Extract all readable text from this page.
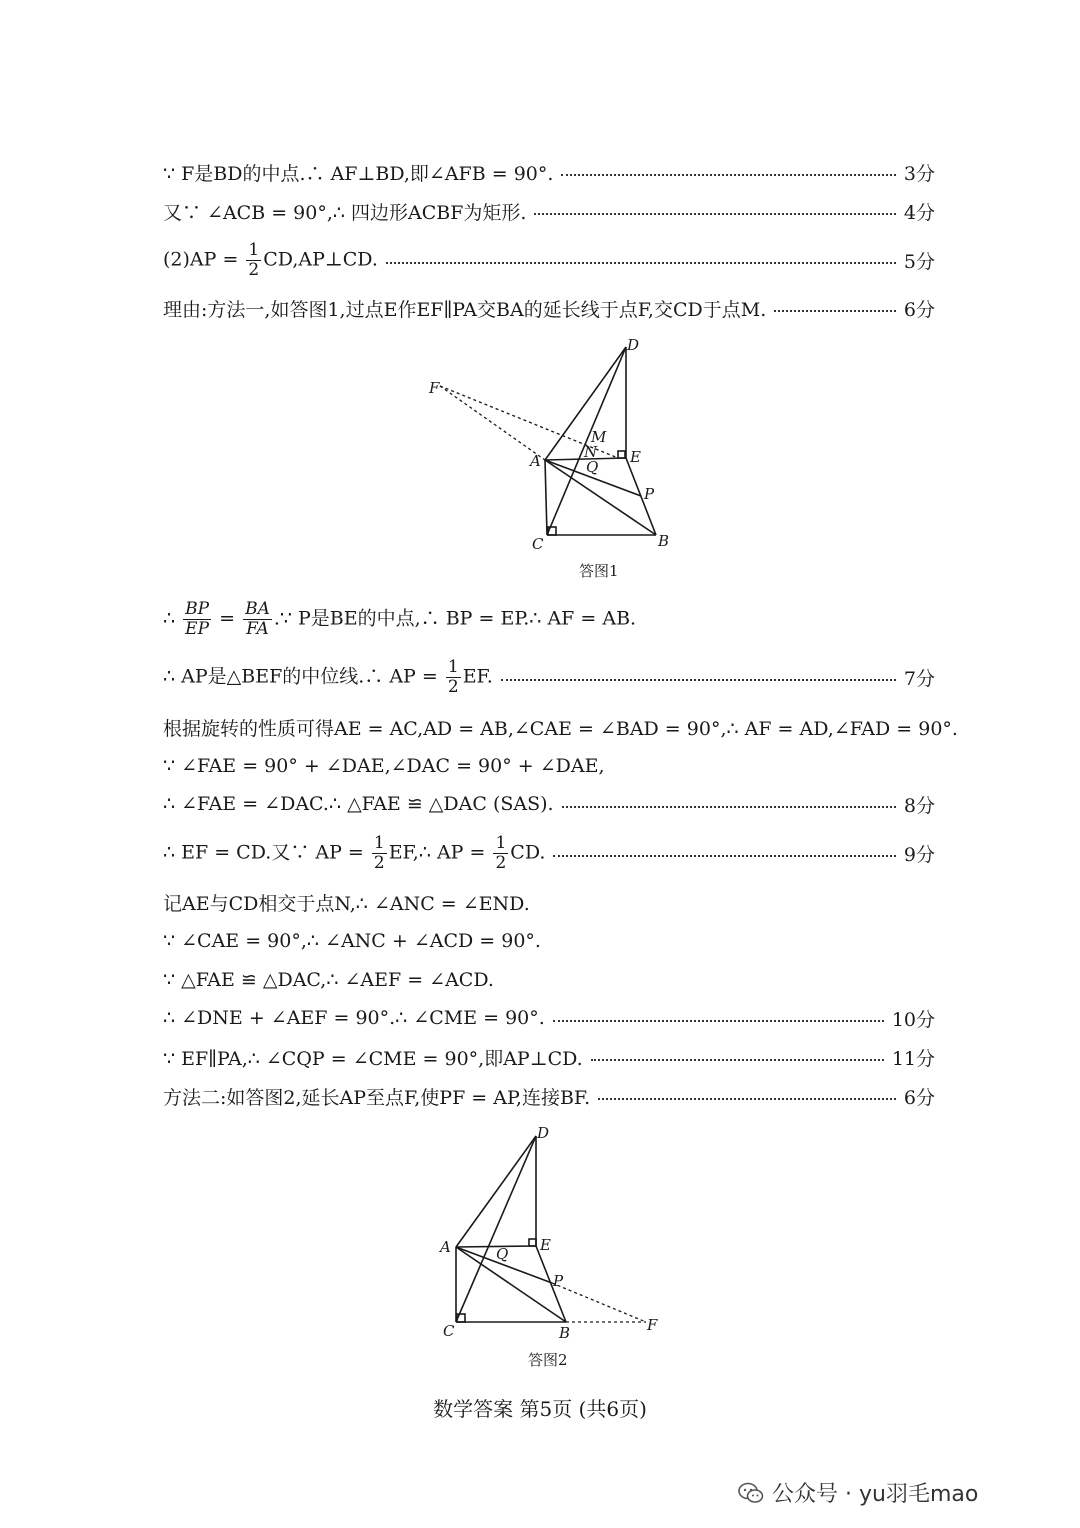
∵ F是BD的中点.∴ AF⊥BD,即∠AFB = 90°.	3分
又∵ ∠ACB = 90°,∴ 四边形ACBF为矩形.	4分
$(2)AP = \frac{1}{2}$ CD,AP⊥CD.	5分
理由:方法一,如答图1,过点E作EF∥PA交BA的延长线于点F,交CD于点M.	6分
D
F
M
N
A	Q
E
P
C	B
答图1
∴ $\frac{BP}{EP} = \frac{BA}{FA}$ .∵ P是BE的中点,∴ BP = EP.∴ AF = AB.
∴ AP是△BEF的中位线.∴ AP = $\frac{1}{2}$ EF.	7分
根据旋转的性质可得AE = AC,AD = AB,∠CAE = ∠BAD = 90°,∴ AF = AD,∠FAD = 90°.
∵ ∠FAE = 90° + ∠DAE,∠DAC = 90° + ∠DAE,
∴ ∠FAE = ∠DAC.∴ △FAE ≌ △DAC (SAS).	8分
∴ EF = CD.又∵ AP = $\frac{1}{2}$ EF,∴ AP = $\frac{1}{2}$ CD.	9分
记AE与CD相交于点N,∴ ∠ANC = ∠END.
∵ ∠CAE = 90°,∴ ∠ANC + ∠ACD = 90°.
∵ △FAE ≌ △DAC,∴ ∠AEF = ∠ACD.
∴ ∠DNE + ∠AEF = 90°.∴ ∠CME = 90°.	10分
∵ EF∥PA,∴ ∠CQP = ∠CME = 90°,即AP⊥CD.	11分
方法二:如答图2,延长AP至点F,使PF = AP,连接BF.	6分
D
A	Q E
P
C	B	F
答图2
数学答案 第5页 (共6页)
公众号 · yu羽毛mao
